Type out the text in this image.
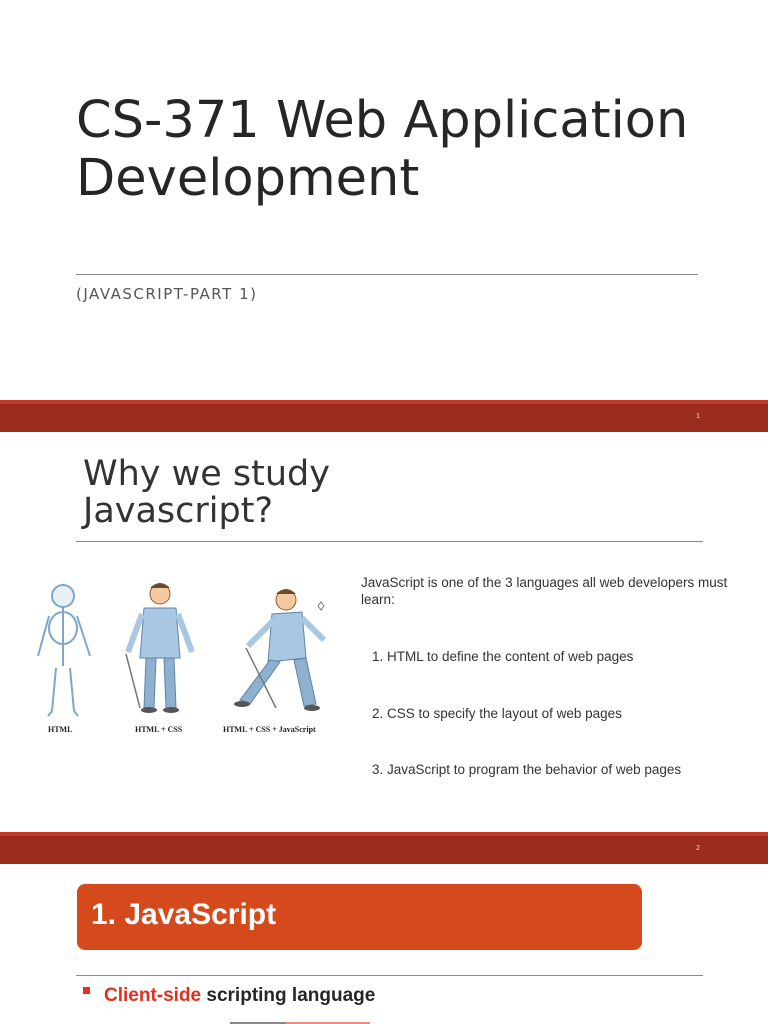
CS-371 Web Application Development
(JAVASCRIPT-PART 1)
1
Why we study Javascript?
HTML	HTML + CSS	HTML + CSS + JavaScript
JavaScript is one of the 3 languages all web developers must learn:
1. HTML to define the content of web pages
2. CSS to specify the layout of web pages
3. JavaScript to program the behavior of web pages
2
1. JavaScript
Client-side scripting language
